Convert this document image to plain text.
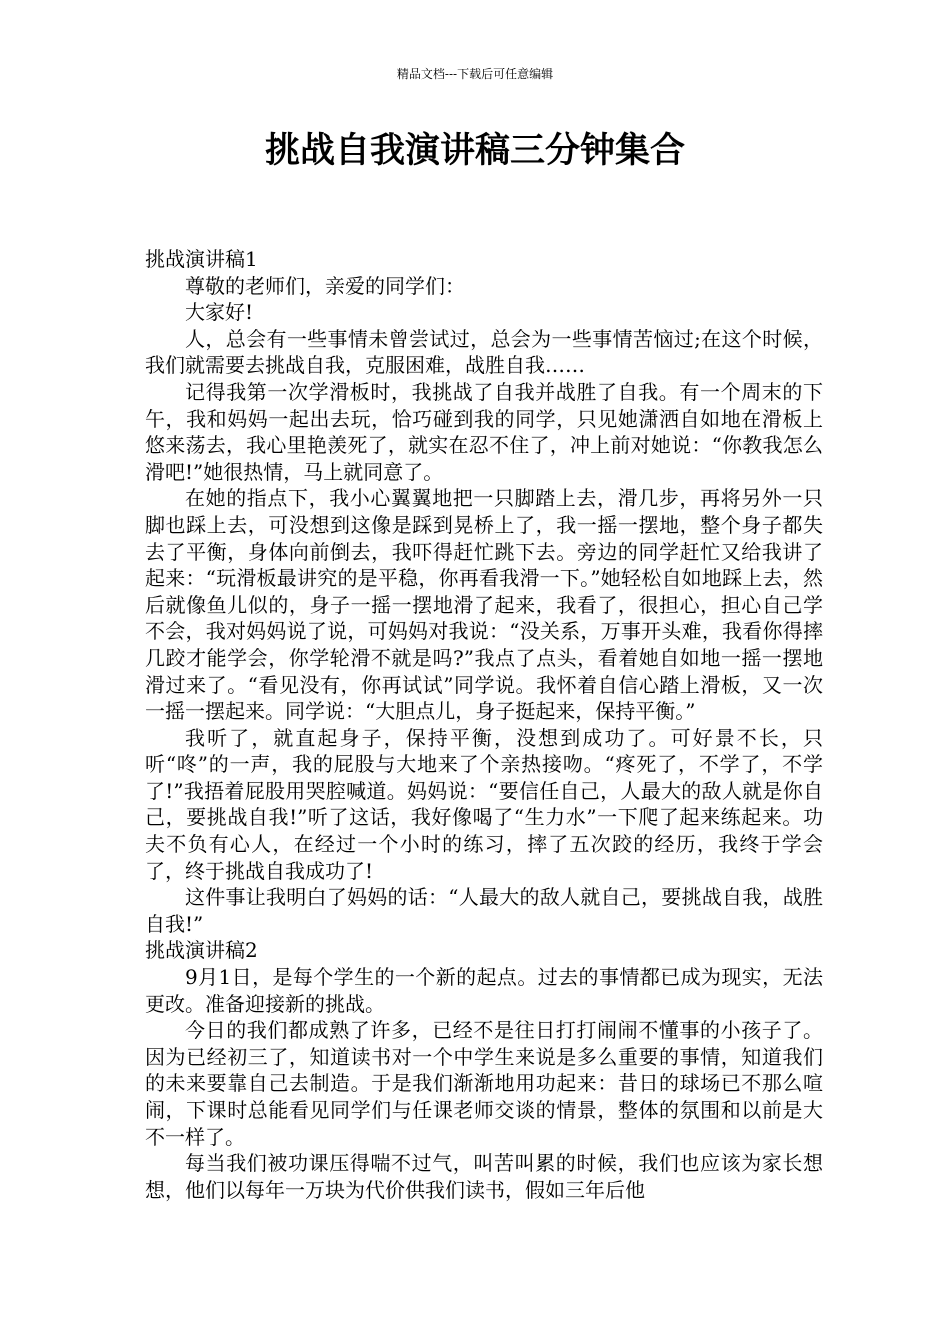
精品文档---下载后可任意编辑
挑战自我演讲稿三分钟集合

挑战演讲稿1

尊敬的老师们，亲爱的同学们：

大家好!

人，总会有一些事情未曾尝试过，总会为一些事情苦恼过;在这个时候，我们就需要去挑战自我，克服困难，战胜自我……

记得我第一次学滑板时，我挑战了自我并战胜了自我。有一个周末的下午，我和妈妈一起出去玩，恰巧碰到我的同学，只见她潇洒自如地在滑板上悠来荡去，我心里艳羡死了，就实在忍不住了，冲上前对她说：“你教我怎么滑吧!”她很热情，马上就同意了。

在她的指点下，我小心翼翼地把一只脚踏上去，滑几步，再将另外一只脚也踩上去，可没想到这像是踩到晃桥上了，我一摇一摆地，整个身子都失去了平衡，身体向前倒去，我吓得赶忙跳下去。旁边的同学赶忙又给我讲了起来：“玩滑板最讲究的是平稳，你再看我滑一下。”她轻松自如地踩上去，然后就像鱼儿似的，身子一摇一摆地滑了起来，我看了，很担心，担心自己学不会，我对妈妈说了说，可妈妈对我说：“没关系，万事开头难，我看你得摔几跤才能学会，你学轮滑不就是吗?”我点了点头，看着她自如地一摇一摆地滑过来了。“看见没有，你再试试”同学说。我怀着自信心踏上滑板，又一次一摇一摆起来。同学说：“大胆点儿，身子挺起来，保持平衡。”

我听了，就直起身子，保持平衡，没想到成功了。可好景不长，只听“咚”的一声，我的屁股与大地来了个亲热接吻。“疼死了，不学了，不学了!”我捂着屁股用哭腔喊道。妈妈说：“要信任自己，人最大的敌人就是你自己，要挑战自我!”听了这话，我好像喝了“生力水”一下爬了起来练起来。功夫不负有心人，在经过一个小时的练习，摔了五次跤的经历，我终于学会了，终于挑战自我成功了!

这件事让我明白了妈妈的话：“人最大的敌人就自己，要挑战自我，战胜自我!”

挑战演讲稿2

9月1日，是每个学生的一个新的起点。过去的事情都已成为现实，无法更改。准备迎接新的挑战。

今日的我们都成熟了许多，已经不是往日打打闹闹不懂事的小孩子了。因为已经初三了，知道读书对一个中学生来说是多么重要的事情，知道我们的未来要靠自己去制造。于是我们渐渐地用功起来：昔日的球场已不那么喧闹，下课时总能看见同学们与任课老师交谈的情景，整体的氛围和以前是大不一样了。

每当我们被功课压得喘不过气，叫苦叫累的时候，我们也应该为家长想想，他们以每年一万块为代价供我们读书，假如三年后他
